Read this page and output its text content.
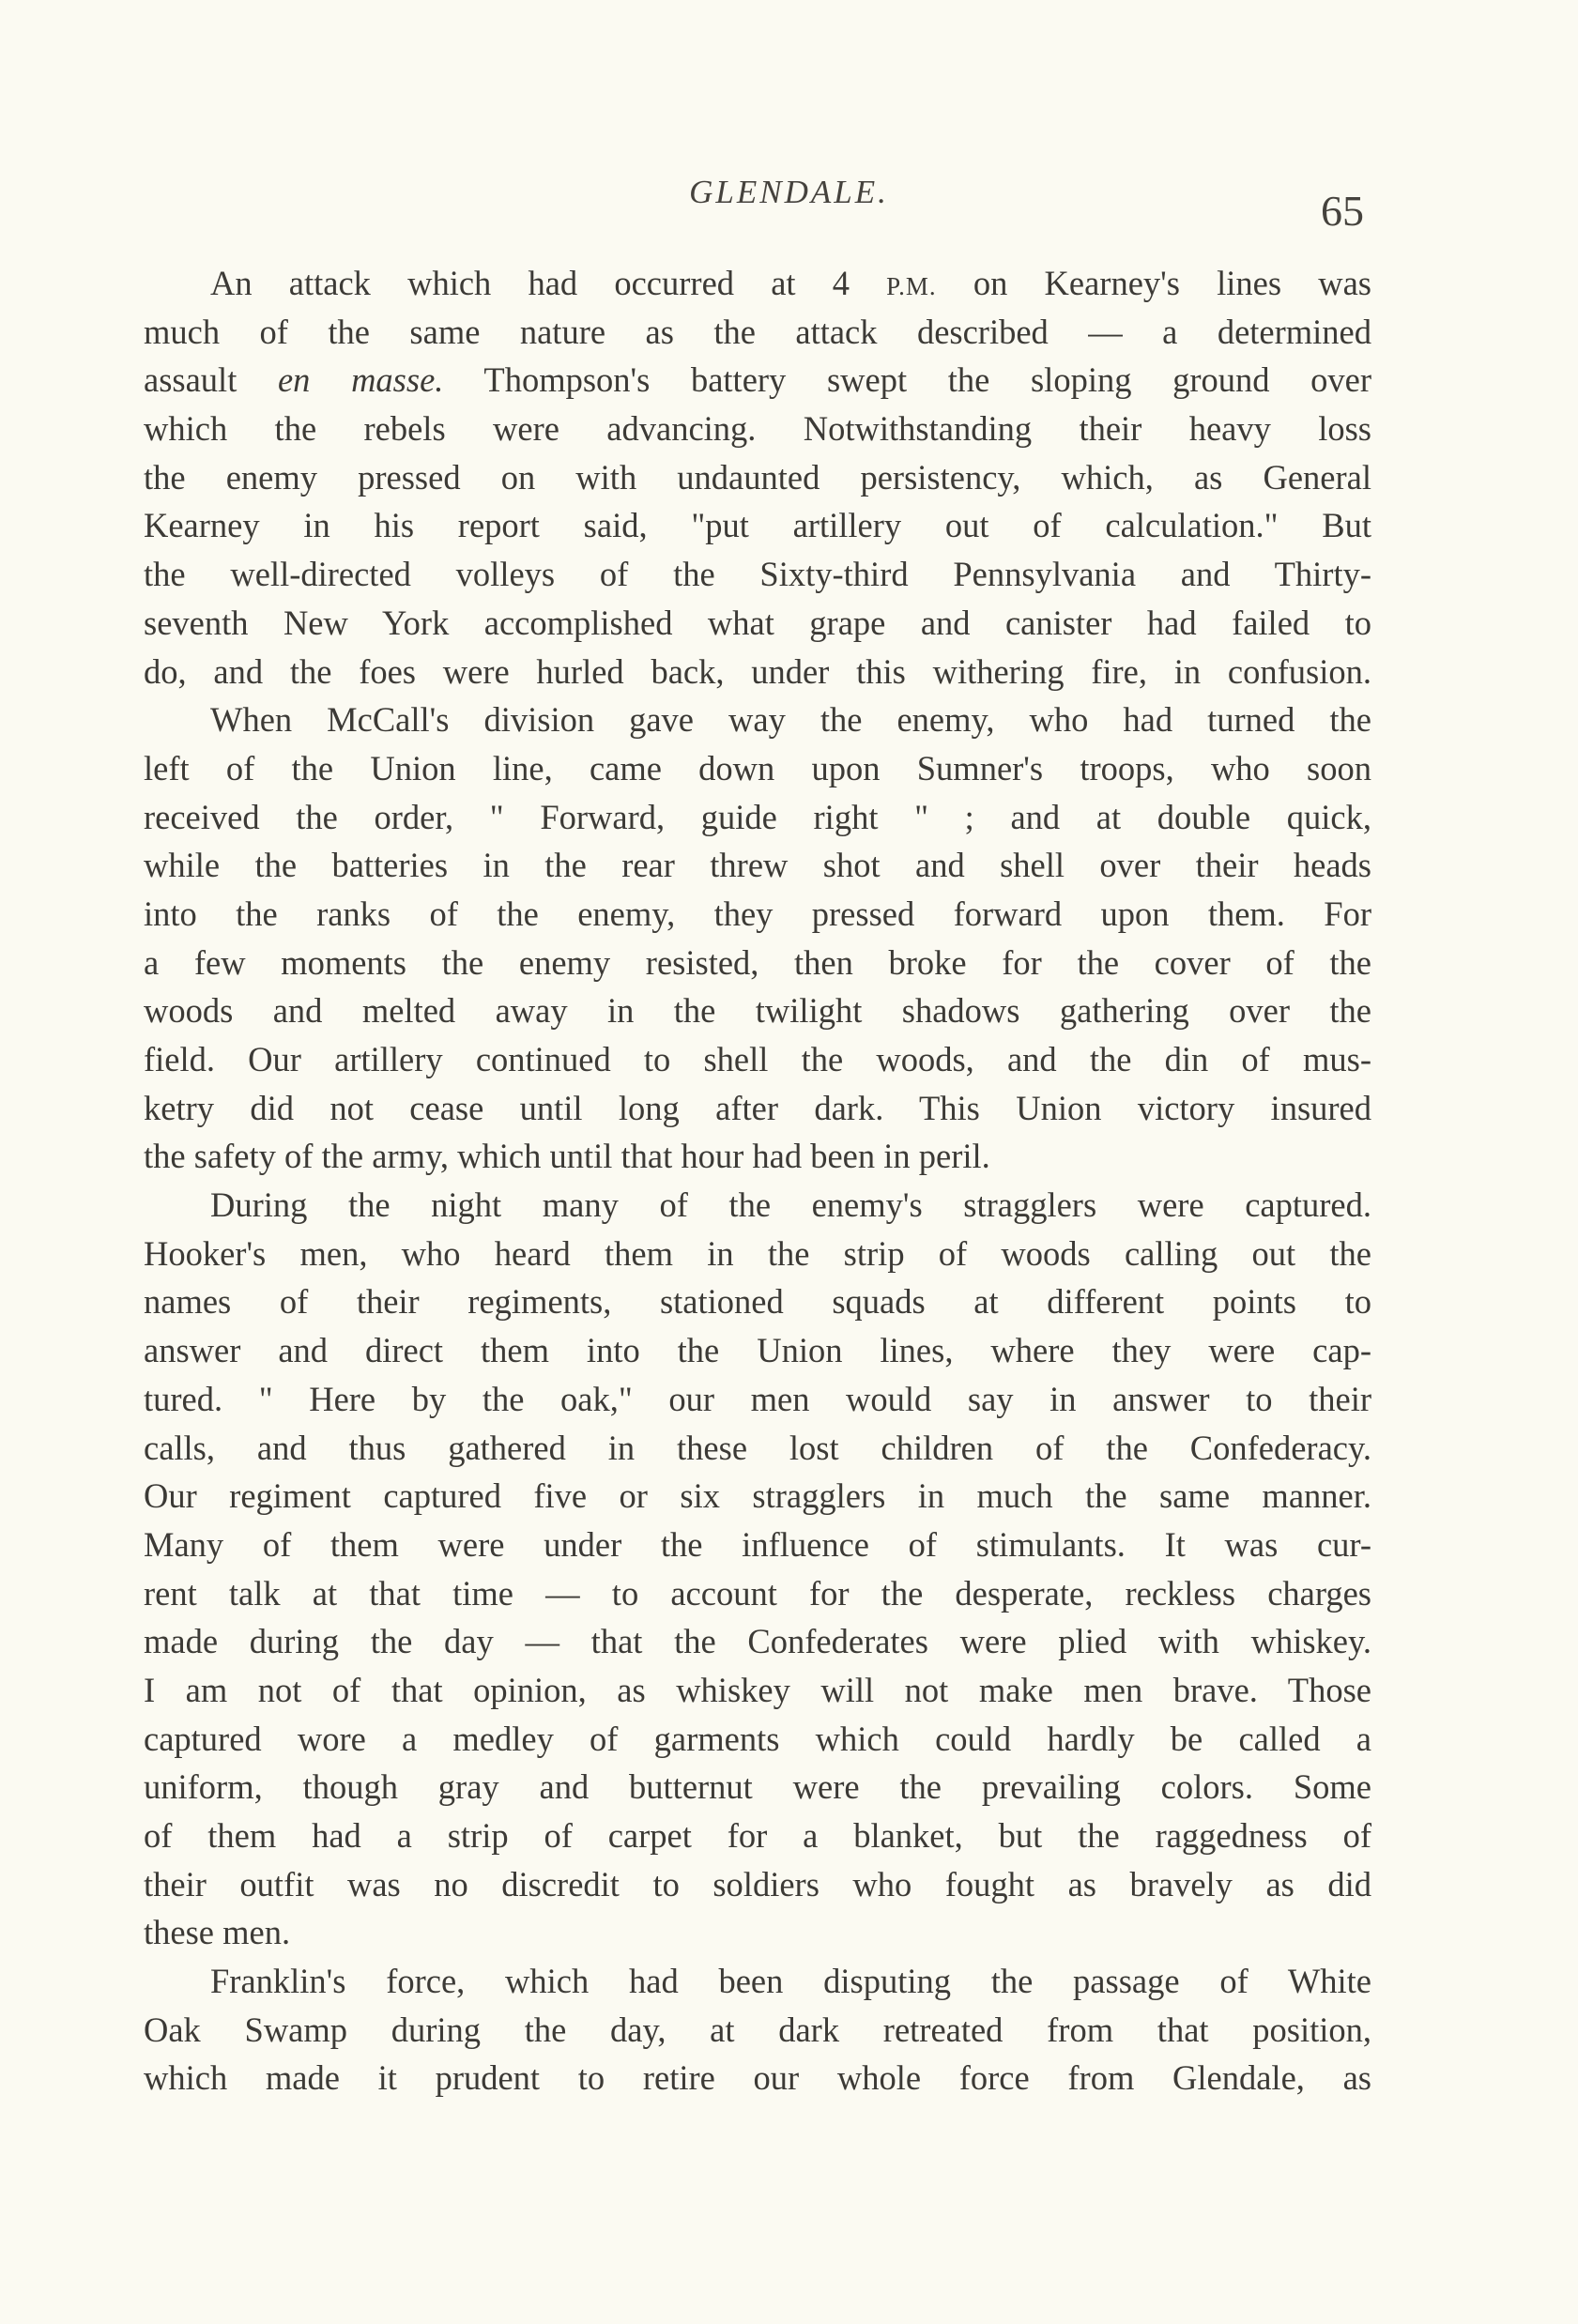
GLENDALE.	65
An attack which had occurred at 4 P.M. on Kearney's lines was
much of the same nature as the attack described — a determined
assault en masse. Thompson's battery swept the sloping ground over
which the rebels were advancing. Notwithstanding their heavy loss
the enemy pressed on with undaunted persistency, which, as General
Kearney in his report said, "put artillery out of calculation." But
the well-directed volleys of the Sixty-third Pennsylvania and Thirty-
seventh New York accomplished what grape and canister had failed to
do, and the foes were hurled back, under this withering fire, in confusion.
When McCall's division gave way the enemy, who had turned the
left of the Union line, came down upon Sumner's troops, who soon
received the order, " Forward, guide right " ; and at double quick,
while the batteries in the rear threw shot and shell over their heads
into the ranks of the enemy, they pressed forward upon them. For
a few moments the enemy resisted, then broke for the cover of the
woods and melted away in the twilight shadows gathering over the
field. Our artillery continued to shell the woods, and the din of mus-
ketry did not cease until long after dark. This Union victory insured
the safety of the army, which until that hour had been in peril.
During the night many of the enemy's stragglers were captured.
Hooker's men, who heard them in the strip of woods calling out the
names of their regiments, stationed squads at different points to
answer and direct them into the Union lines, where they were cap-
tured. " Here by the oak," our men would say in answer to their
calls, and thus gathered in these lost children of the Confederacy.
Our regiment captured five or six stragglers in much the same manner.
Many of them were under the influence of stimulants. It was cur-
rent talk at that time — to account for the desperate, reckless charges
made during the day — that the Confederates were plied with whiskey.
I am not of that opinion, as whiskey will not make men brave. Those
captured wore a medley of garments which could hardly be called a
uniform, though gray and butternut were the prevailing colors. Some
of them had a strip of carpet for a blanket, but the raggedness of
their outfit was no discredit to soldiers who fought as bravely as did
these men.
Franklin's force, which had been disputing the passage of White
Oak Swamp during the day, at dark retreated from that position,
which made it prudent to retire our whole force from Glendale, as
